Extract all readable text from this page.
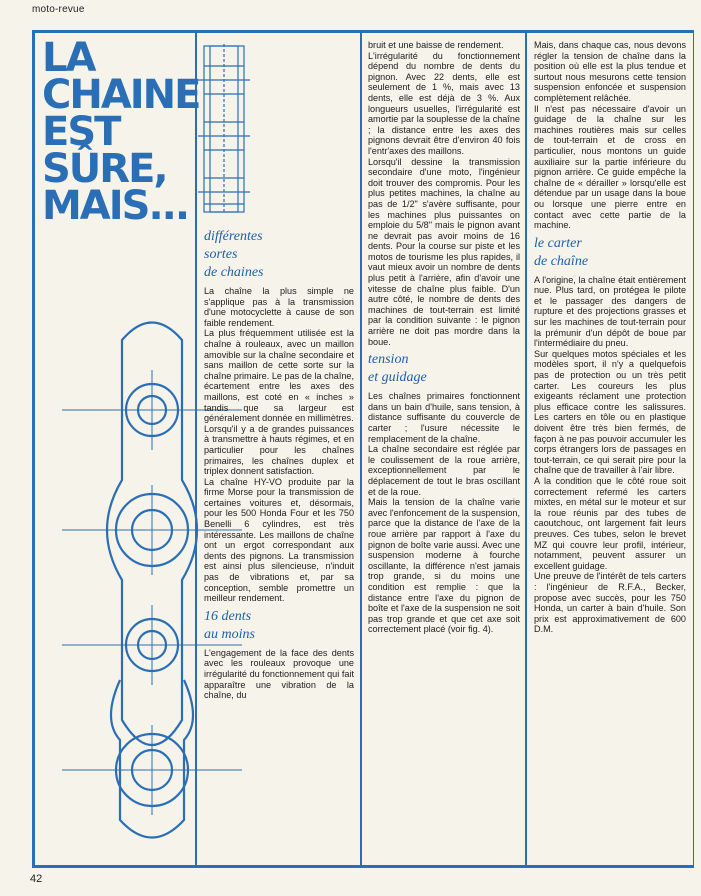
moto-revue
LA
CHAINE
EST
SÛRE,
MAIS...
différentes
sortes
de chaines

La chaîne la plus simple ne s'applique pas à la transmission d'une motocyclette à cause de son faible rendement.

La plus fréquemment utilisée est la chaîne à rouleaux, avec un maillon amovible sur la chaîne secondaire et sans maillon de cette sorte sur la chaîne primaire. Le pas de la chaîne, écartement entre les axes des maillons, est coté en « inches » tandis que sa largeur est généralement donnée en millimètres.

Lorsqu'il y a de grandes puissances à transmettre à hauts régimes, et en particulier pour les chaînes primaires, les chaînes duplex et triplex donnent satisfaction.

La chaîne HY-VO produite par la firme Morse pour la transmission de certaines voitures et, désormais, pour les 500 Honda Four et les 750 Benelli 6 cylindres, est très intéressante. Les maillons de chaîne ont un ergot correspondant aux dents des pignons. La transmission est ainsi plus silencieuse, n'induit pas de vibrations et, par sa conception, semble promettre un meilleur rendement.

16 dents
au moins

L'engagement de la face des dents avec les rouleaux provoque une irrégularité du fonctionnement qui fait apparaître une vibration de la chaîne, du

bruit et une baisse de rendement.

L'irrégularité du fonctionnement dépend du nombre de dents du pignon. Avec 22 dents, elle est seulement de 1 %, mais avec 13 dents, elle est déjà de 3 %. Aux longueurs usuelles, l'irrégularité est amortie par la souplesse de la chaîne ; la distance entre les axes des pignons devrait être d'environ 40 fois l'entr'axes des maillons.

Lorsqu'il dessine la transmission secondaire d'une moto, l'ingénieur doit trouver des compromis. Pour les plus petites machines, la chaîne au pas de 1/2" s'avère suffisante, pour les machines plus puissantes on emploie du 5/8" mais le pignon avant ne devrait pas avoir moins de 16 dents. Pour la course sur piste et les motos de tourisme les plus rapides, il vaut mieux avoir un nombre de dents plus petit à l'arrière, afin d'avoir une vitesse de chaîne plus faible. D'un autre côté, le nombre de dents des machines de tout-terrain est limité par la condition suivante : le pignon arrière ne doit pas mordre dans la boue.

tension
et guidage

Les chaînes primaires fonctionnent dans un bain d'huile, sans tension, à distance suffisante du couvercle de carter ; l'usure nécessite le remplacement de la chaîne.

La chaîne secondaire est réglée par le coulissement de la roue arrière, exceptionnellement par le déplacement de tout le bras oscillant et de la roue.

Mais la tension de la chaîne varie avec l'enfoncement de la suspension, parce que la distance de l'axe de la roue arrière par rapport à l'axe du pignon de boîte varie aussi. Avec une suspension moderne à fourche oscillante, la différence n'est jamais trop grande, si du moins une condition est remplie : que la distance entre l'axe du pignon de boîte et l'axe de la suspension ne soit pas trop grande et que cet axe soit correctement placé (voir fig. 4).

Mais, dans chaque cas, nous devons régler la tension de chaîne dans la position où elle est la plus tendue et surtout nous mesurons cette tension suspension enfoncée et suspension complètement relâchée.

Il n'est pas nécessaire d'avoir un guidage de la chaîne sur les machines routières mais sur celles de tout-terrain et de cross en particulier, nous montons un guide auxiliaire sur la partie inférieure du pignon arrière. Ce guide empêche la chaîne de « dérailler » lorsqu'elle est détendue par un usage dans la boue ou lorsque une pierre entre en contact avec cette partie de la machine.

le carter
de chaîne

A l'origine, la chaîne était entièrement nue. Plus tard, on protégea le pilote et le passager des dangers de rupture et des projections grasses et sur les machines de tout-terrain pour la prémunir d'un dépôt de boue par l'intermédiaire du pneu.

Sur quelques motos spéciales et les modèles sport, il n'y a quelquefois pas de protection ou un très petit carter. Les coureurs les plus exigeants réclament une protection plus efficace contre les salissures. Les carters en tôle ou en plastique doivent être très bien fermés, de façon à ne pas pouvoir accumuler les corps étrangers lors de passages en tout-terrain, ce qui serait pire pour la chaîne que de travailler à l'air libre.

A la condition que le côté roue soit correctement refermé les carters mixtes, en métal sur le moteur et sur la roue réunis par des tubes de caoutchouc, ont largement fait leurs preuves. Ces tubes, selon le brevet MZ qui couvre leur profil, intérieur, notamment, peuvent assurer un excellent guidage.

Une preuve de l'intérêt de tels carters : l'ingénieur de R.F.A., Becker, propose avec succès, pour les 750 Honda, un carter à bain d'huile. Son prix est approximativement de 600 D.M.

42
